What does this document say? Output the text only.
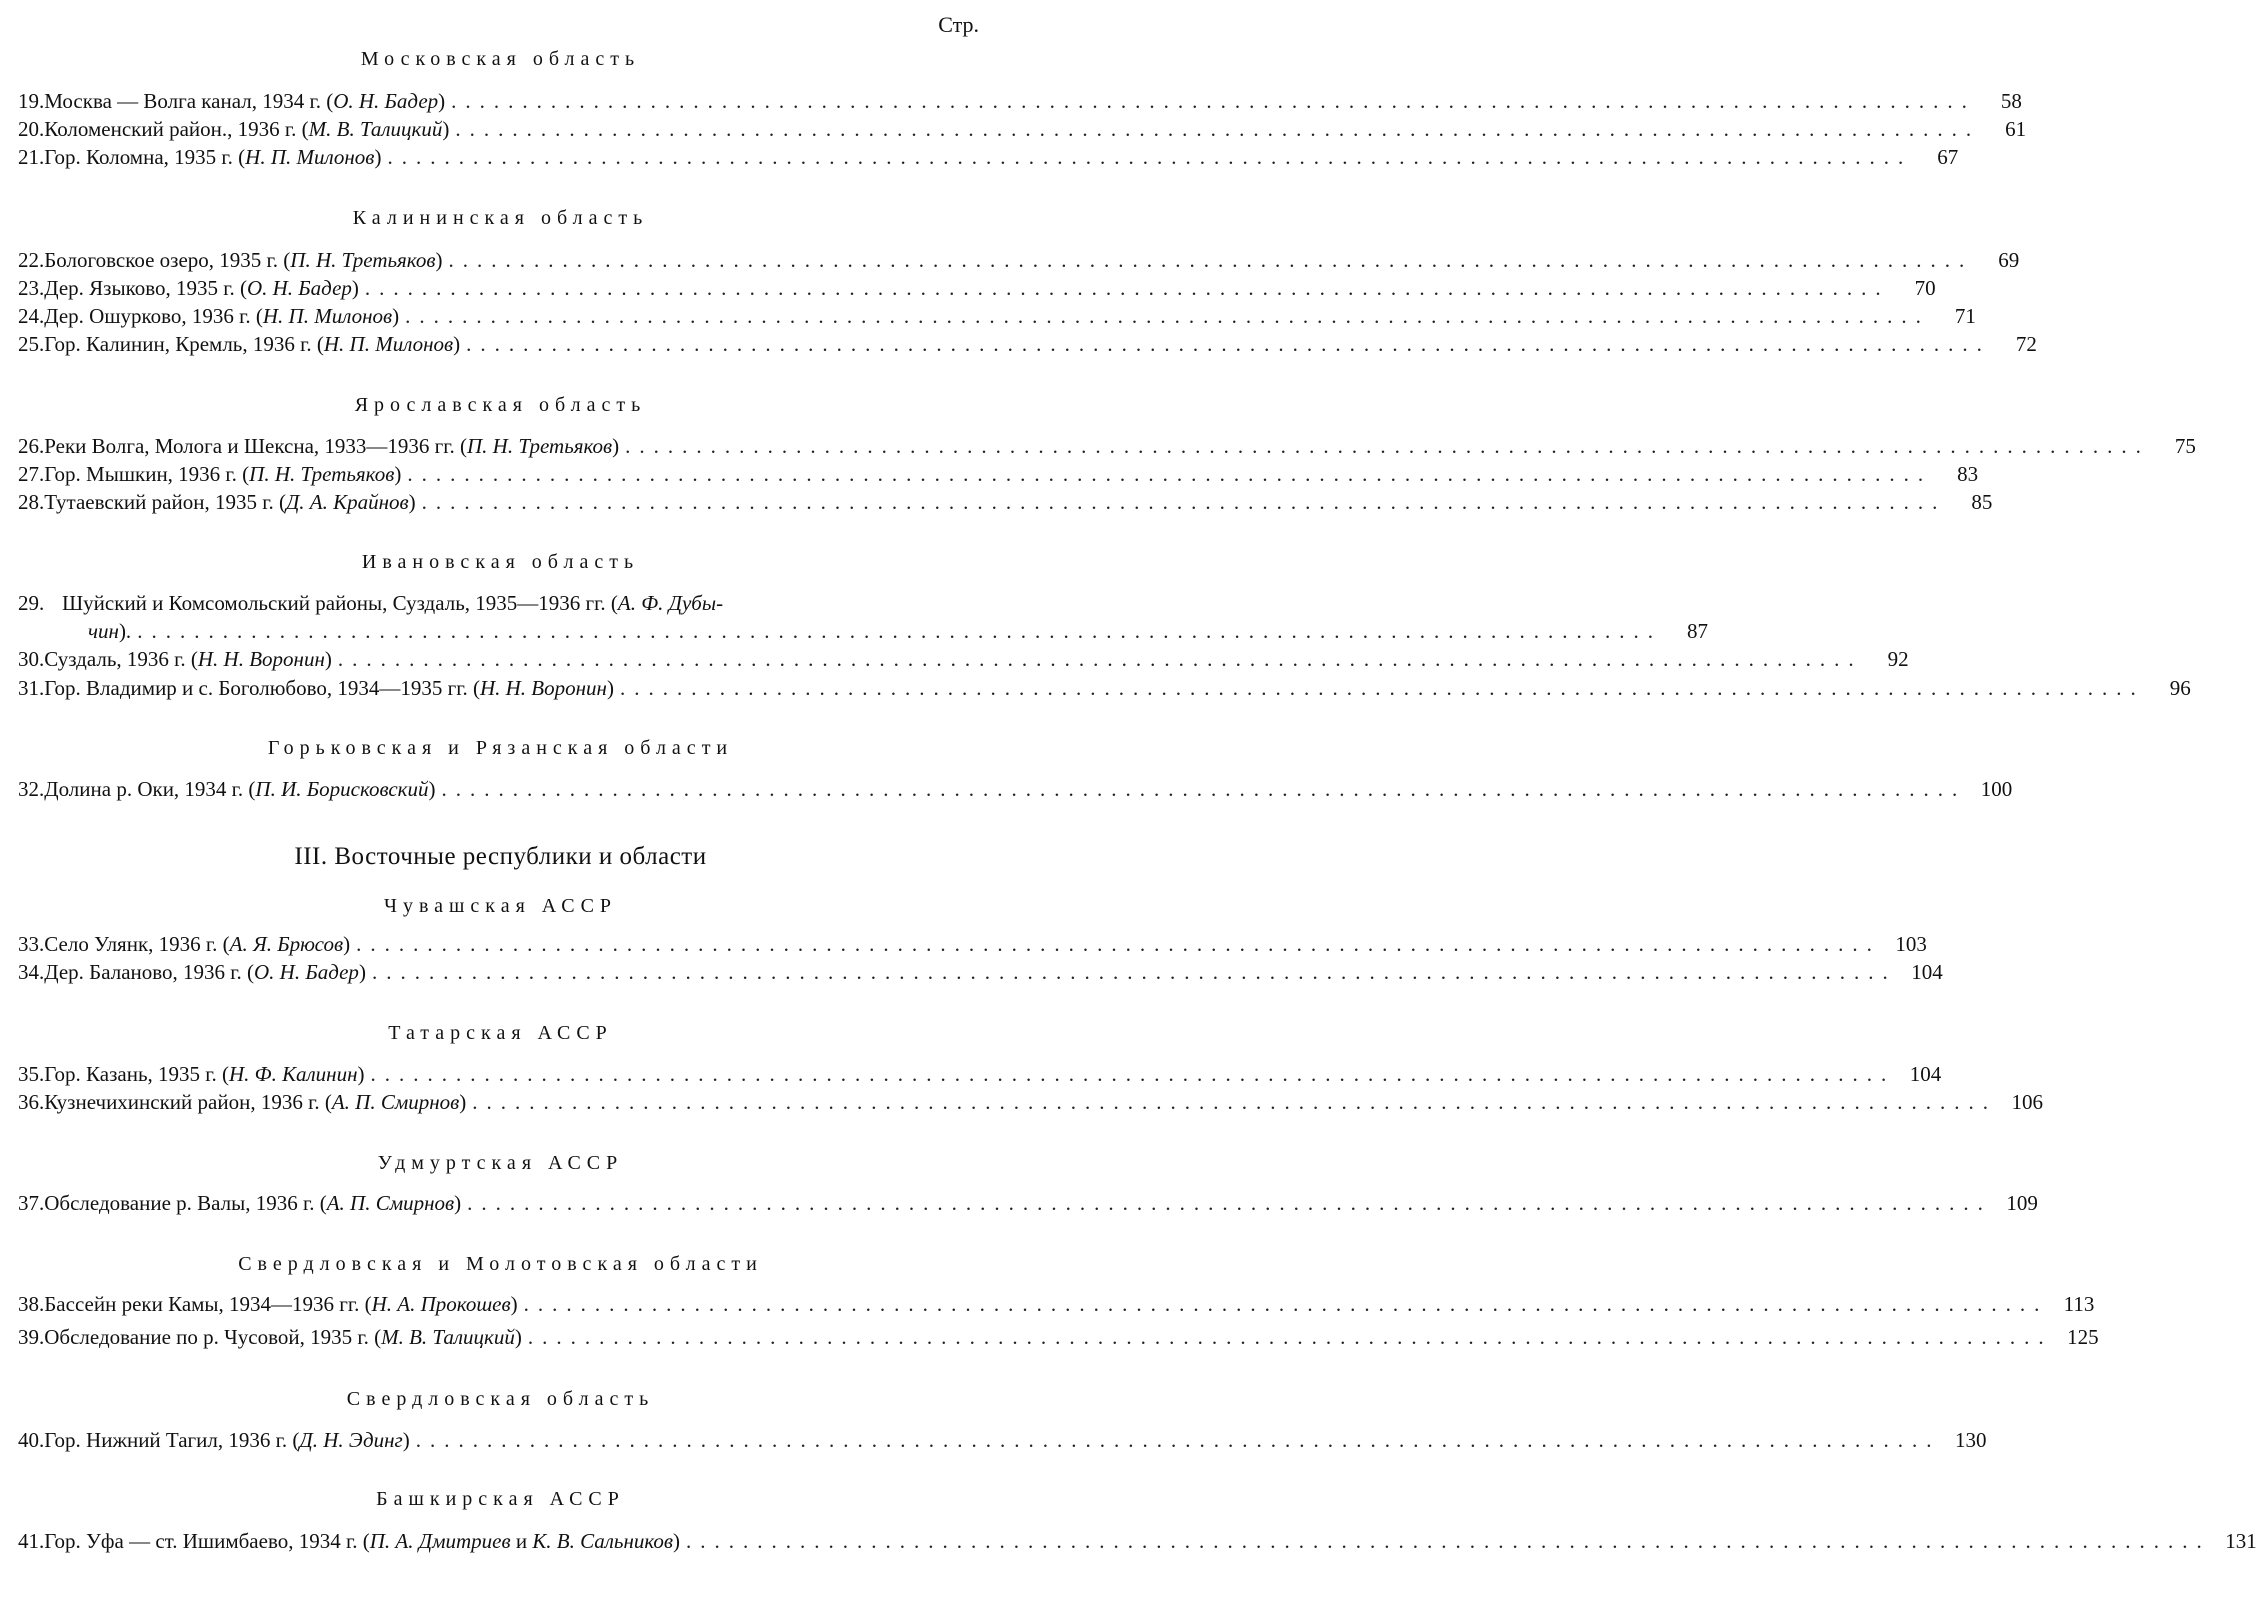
Стр.
Московская область
19. Москва — Волга канал, 1934 г. (О. Н. Бадер) ...........................................................................................................	58
20. Коломенский район., 1936 г. (М. В. Талицкий) ...........................................................................................................	61
21. Гор. Коломна, 1935 г. (Н. П. Милонов) ...........................................................................................................	67
Калининская область
22. Бологовское озеро, 1935 г. (П. Н. Третьяков) ...........................................................................................................	69
23. Дер. Языково, 1935 г. (О. Н. Бадер) ...........................................................................................................	70
24. Дер. Ошурково, 1936 г. (Н. П. Милонов) ...........................................................................................................	71
25. Гор. Калинин, Кремль, 1936 г. (Н. П. Милонов) ...........................................................................................................	72
Ярославская область
26. Реки Волга, Молога и Шексна, 1933—1936 гг. (П. Н. Третьяков) ...........................................................................................................	75
27. Гор. Мышкин, 1936 г. (П. Н. Третьяков) ...........................................................................................................	83
28. Тутаевский район, 1935 г. (Д. А. Крайнов) ...........................................................................................................	85
Ивановская область
29. Шуйский и Комсомольский районы, Суздаль, 1935—1936 гг. (А. Ф. Дубы-
чин). ...........................................................................................................	87
30. Суздаль, 1936 г. (Н. Н. Воронин) ...........................................................................................................	92
31. Гор. Владимир и с. Боголюбово, 1934—1935 гг. (Н. Н. Воронин) ...........................................................................................................	96
Горьковская и Рязанская области
32. Долина р. Оки, 1934 г. (П. И. Борисковский) ........................................................................................................... 100
III. Восточные республики и области
Чувашская АССР
33. Село Улянк, 1936 г. (А. Я. Брюсов) ........................................................................................................... 103
34. Дер. Баланово, 1936 г. (О. Н. Бадер) ........................................................................................................... 104
Татарская АССР
35. Гор. Казань, 1935 г. (Н. Ф. Калинин) ........................................................................................................... 104
36. Кузнечихинский район, 1936 г. (А. П. Смирнов) ........................................................................................................... 106
Удмуртская АССР
37. Обследование р. Валы, 1936 г. (А. П. Смирнов) ........................................................................................................... 109
Свердловская и Молотовская области
38. Бассейн реки Камы, 1934—1936 гг. (Н. А. Прокошев) ........................................................................................................... 113
39. Обследование по р. Чусовой, 1935 г. (М. В. Талицкий) ........................................................................................................... 125
Свердловская область
40. Гор. Нижний Тагил, 1936 г. (Д. Н. Эдинг) ........................................................................................................... 130
Башкирская АССР
41. Гор. Уфа — ст. Ишимбаево, 1934 г. (П. А. Дмитриев и К. В. Сальников) ........................................................................................................... 131
